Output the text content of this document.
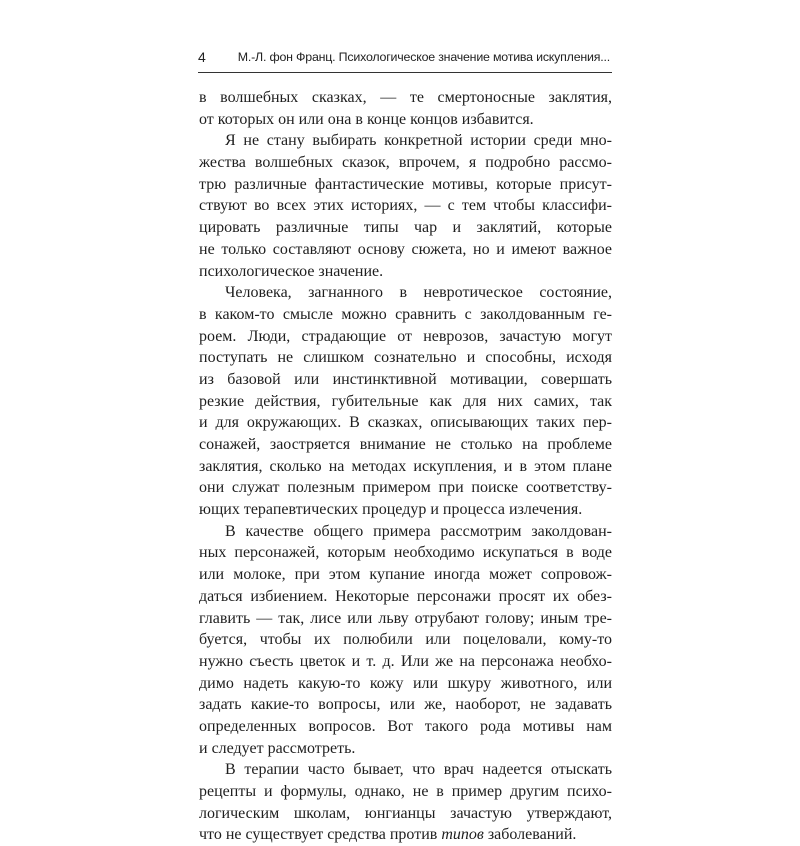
4	М.-Л. фон Франц. Психологическое значение мотива искупления...
в волшебных сказках, — те смертоносные заклятия,
от которых он или она в конце концов избавится.
Я не стану выбирать конкретной истории среди мно-
жества волшебных сказок, впрочем, я подробно рассмо-
трю различные фантастические мотивы, которые присут-
ствуют во всех этих историях, — с тем чтобы классифи-
цировать различные типы чар и заклятий, которые
не только составляют основу сюжета, но и имеют важное
психологическое значение.
Человека, загнанного в невротическое состояние,
в каком-то смысле можно сравнить с заколдованным ге-
роем. Люди, страдающие от неврозов, зачастую могут
поступать не слишком сознательно и способны, исходя
из базовой или инстинктивной мотивации, совершать
резкие действия, губительные как для них самих, так
и для окружающих. В сказках, описывающих таких пер-
сонажей, заостряется внимание не столько на проблеме
заклятия, сколько на методах искупления, и в этом плане
они служат полезным примером при поиске соответству-
ющих терапевтических процедур и процесса излечения.
В качестве общего примера рассмотрим заколдован-
ных персонажей, которым необходимо искупаться в воде
или молоке, при этом купание иногда может сопровож-
даться избиением. Некоторые персонажи просят их обез-
главить — так, лисе или льву отрубают голову; иным тре-
буется, чтобы их полюбили или поцеловали, кому-то
нужно съесть цветок и т. д. Или же на персонажа необхо-
димо надеть какую-то кожу или шкуру животного, или
задать какие-то вопросы, или же, наоборот, не задавать
определенных вопросов. Вот такого рода мотивы нам
и следует рассмотреть.
В терапии часто бывает, что врач надеется отыскать
рецепты и формулы, однако, не в пример другим психо-
логическим школам, юнгианцы зачастую утверждают,
что не существует средства против типов заболеваний.
